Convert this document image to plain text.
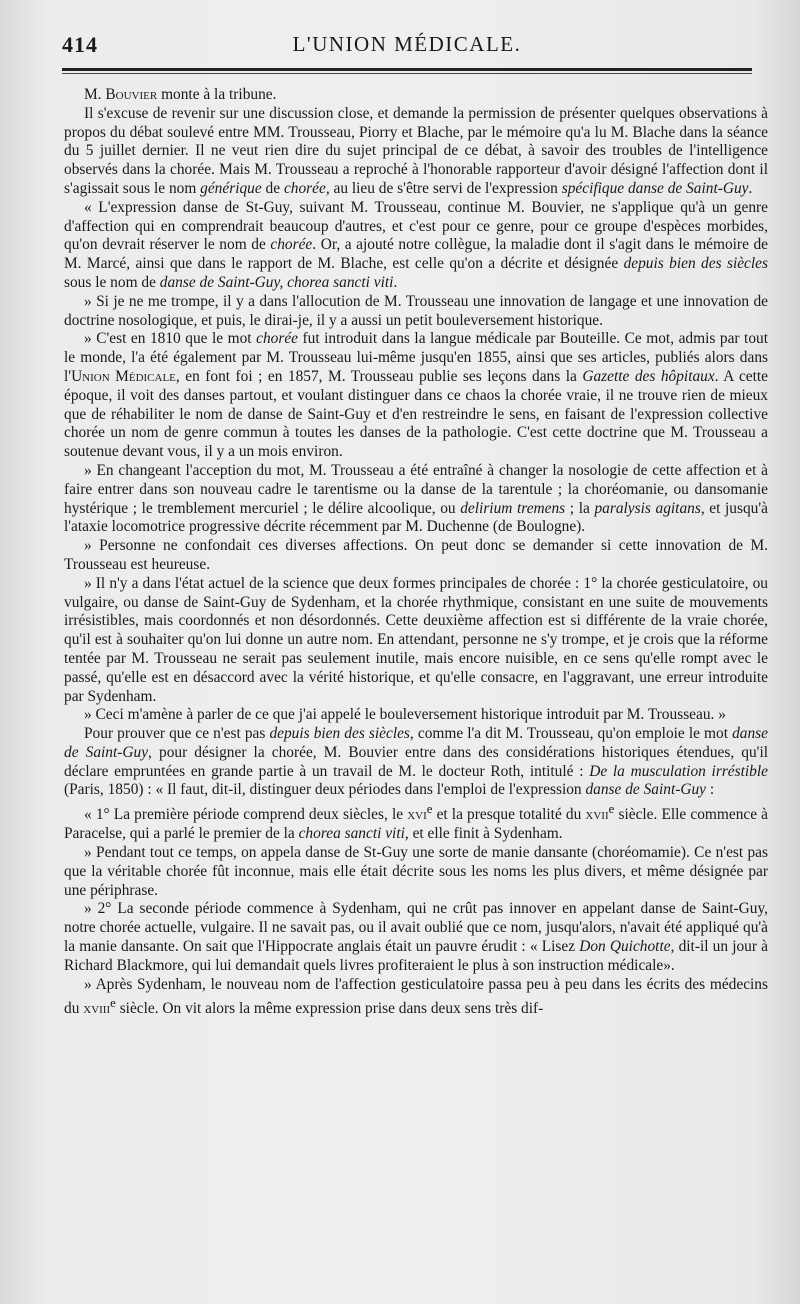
414	L'UNION MÉDICALE.

M. Bouvier monte à la tribune.

Il s'excuse de revenir sur une discussion close, et demande la permission de présenter quelques observations à propos du débat soulevé entre MM. Trousseau, Piorry et Blache, par le mémoire qu'a lu M. Blache dans la séance du 5 juillet dernier. Il ne veut rien dire du sujet principal de ce débat, à savoir des troubles de l'intelligence observés dans la chorée. Mais M. Trousseau a reproché à l'honorable rapporteur d'avoir désigné l'affection dont il s'agissait sous le nom générique de chorée, au lieu de s'être servi de l'expression spécifique danse de Saint-Guy.

« L'expression danse de St-Guy, suivant M. Trousseau, continue M. Bouvier, ne s'applique qu'à un genre d'affection qui en comprendrait beaucoup d'autres, et c'est pour ce genre, pour ce groupe d'espèces morbides, qu'on devrait réserver le nom de chorée. Or, a ajouté notre collègue, la maladie dont il s'agit dans le mémoire de M. Marcé, ainsi que dans le rapport de M. Blache, est celle qu'on a décrite et désignée depuis bien des siècles sous le nom de danse de Saint-Guy, chorea sancti viti.

» Si je ne me trompe, il y a dans l'allocution de M. Trousseau une innovation de langage et une innovation de doctrine nosologique, et puis, le dirai-je, il y a aussi un petit bouleversement historique.

» C'est en 1810 que le mot chorée fut introduit dans la langue médicale par Bouteille. Ce mot, admis par tout le monde, l'a été également par M. Trousseau lui-même jusqu'en 1855, ainsi que ses articles, publiés alors dans l'Union Médicale, en font foi ; en 1857, M. Trousseau publie ses leçons dans la Gazette des hôpitaux. A cette époque, il voit des danses partout, et voulant distinguer dans ce chaos la chorée vraie, il ne trouve rien de mieux que de réhabiliter le nom de danse de Saint-Guy et d'en restreindre le sens, en faisant de l'expression collective chorée un nom de genre commun à toutes les danses de la pathologie. C'est cette doctrine que M. Trousseau a soutenue devant vous, il y a un mois environ.

» En changeant l'acception du mot, M. Trousseau a été entraîné à changer la nosologie de cette affection et à faire entrer dans son nouveau cadre le tarentisme ou la danse de la tarentule ; la choréomanie, ou dansomanie hystérique ; le tremblement mercuriel ; le délire alcoolique, ou delirium tremens ; la paralysis agitans, et jusqu'à l'ataxie locomotrice progressive décrite récemment par M. Duchenne (de Boulogne).

» Personne ne confondait ces diverses affections. On peut donc se demander si cette innovation de M. Trousseau est heureuse.

» Il n'y a dans l'état actuel de la science que deux formes principales de chorée : 1° la chorée gesticulatoire, ou vulgaire, ou danse de Saint-Guy de Sydenham, et la chorée rhythmique, consistant en une suite de mouvements irrésistibles, mais coordonnés et non désordonnés. Cette deuxième affection est si différente de la vraie chorée, qu'il est à souhaiter qu'on lui donne un autre nom. En attendant, personne ne s'y trompe, et je crois que la réforme tentée par M. Trousseau ne serait pas seulement inutile, mais encore nuisible, en ce sens qu'elle rompt avec le passé, qu'elle est en désaccord avec la vérité historique, et qu'elle consacre, en l'aggravant, une erreur introduite par Sydenham.

» Ceci m'amène à parler de ce que j'ai appelé le bouleversement historique introduit par M. Trousseau. »

Pour prouver que ce n'est pas depuis bien des siècles, comme l'a dit M. Trousseau, qu'on emploie le mot danse de Saint-Guy, pour désigner la chorée, M. Bouvier entre dans des considérations historiques étendues, qu'il déclare empruntées en grande partie à un travail de M. le docteur Roth, intitulé : De la musculation irréstible (Paris, 1850) : « Il faut, dit-il, distinguer deux périodes dans l'emploi de l'expression danse de Saint-Guy :

« 1° La première période comprend deux siècles, le xvi$^e$ et la presque totalité du xvii$^e$ siècle. Elle commence à Paracelse, qui a parlé le premier de la chorea sancti viti, et elle finit à Sydenham.

» Pendant tout ce temps, on appela danse de St-Guy une sorte de manie dansante (choréomamie). Ce n'est pas que la véritable chorée fût inconnue, mais elle était décrite sous les noms les plus divers, et même désignée par une périphrase.

» 2° La seconde période commence à Sydenham, qui ne crût pas innover en appelant danse de Saint-Guy, notre chorée actuelle, vulgaire. Il ne savait pas, ou il avait oublié que ce nom, jusqu'alors, n'avait été appliqué qu'à la manie dansante. On sait que l'Hippocrate anglais était un pauvre érudit : « Lisez Don Quichotte, dit-il un jour à Richard Blackmore, qui lui demandait quels livres profiteraient le plus à son instruction médicale».

» Après Sydenham, le nouveau nom de l'affection gesticulatoire passa peu à peu dans les écrits des médecins du xviii$^e$ siècle. On vit alors la même expression prise dans deux sens très dif-
